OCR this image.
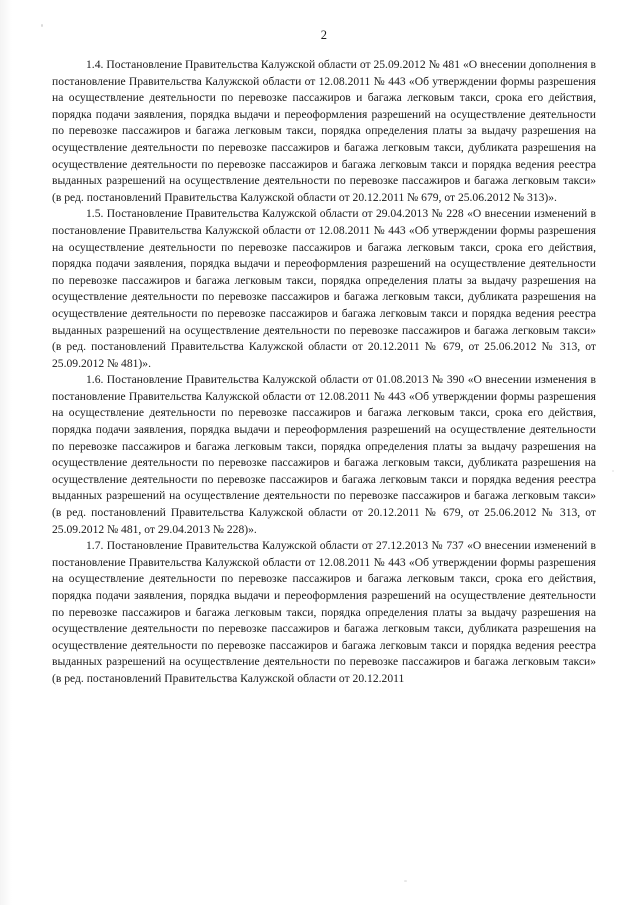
2

1.4. Постановление Правительства Калужской области от 25.09.2012 № 481 «О внесении дополнения в постановление Правительства Калужской области от 12.08.2011 № 443 «Об утверждении формы разрешения на осуществление деятельности по перевозке пассажиров и багажа легковым такси, срока его действия, порядка подачи заявления, порядка выдачи и переоформления разрешений на осуществление деятельности по перевозке пассажиров и багажа легковым такси, порядка определения платы за выдачу разрешения на осуществление деятельности по перевозке пассажиров и багажа легковым такси, дубликата разрешения на осуществление деятельности по перевозке пассажиров и багажа легковым такси и порядка ведения реестра выданных разрешений на осуществление деятельности по перевозке пассажиров и багажа легковым такси» (в ред. постановлений Правительства Калужской области от 20.12.2011 № 679, от 25.06.2012 № 313)».

1.5. Постановление Правительства Калужской области от 29.04.2013 № 228 «О внесении изменений в постановление Правительства Калужской области от 12.08.2011 № 443 «Об утверждении формы разрешения на осуществление деятельности по перевозке пассажиров и багажа легковым такси, срока его действия, порядка подачи заявления, порядка выдачи и переоформления разрешений на осуществление деятельности по перевозке пассажиров и багажа легковым такси, порядка определения платы за выдачу разрешения на осуществление деятельности по перевозке пассажиров и багажа легковым такси, дубликата разрешения на осуществление деятельности по перевозке пассажиров и багажа легковым такси и порядка ведения реестра выданных разрешений на осуществление деятельности по перевозке пассажиров и багажа легковым такси» (в ред. постановлений Правительства Калужской области от 20.12.2011 № 679, от 25.06.2012 № 313, от 25.09.2012 № 481)».

1.6. Постановление Правительства Калужской области от 01.08.2013 № 390 «О внесении изменения в постановление Правительства Калужской области от 12.08.2011 № 443 «Об утверждении формы разрешения на осуществление деятельности по перевозке пассажиров и багажа легковым такси, срока его действия, порядка подачи заявления, порядка выдачи и переоформления разрешений на осуществление деятельности по перевозке пассажиров и багажа легковым такси, порядка определения платы за выдачу разрешения на осуществление деятельности по перевозке пассажиров и багажа легковым такси, дубликата разрешения на осуществление деятельности по перевозке пассажиров и багажа легковым такси и порядка ведения реестра выданных разрешений на осуществление деятельности по перевозке пассажиров и багажа легковым такси» (в ред. постановлений Правительства Калужской области от 20.12.2011 № 679, от 25.06.2012 № 313, от 25.09.2012 № 481, от 29.04.2013 № 228)».

1.7. Постановление Правительства Калужской области от 27.12.2013 № 737 «О внесении изменений в постановление Правительства Калужской области от 12.08.2011 № 443 «Об утверждении формы разрешения на осуществление деятельности по перевозке пассажиров и багажа легковым такси, срока его действия, порядка подачи заявления, порядка выдачи и переоформления разрешений на осуществление деятельности по перевозке пассажиров и багажа легковым такси, порядка определения платы за выдачу разрешения на осуществление деятельности по перевозке пассажиров и багажа легковым такси, дубликата разрешения на осуществление деятельности по перевозке пассажиров и багажа легковым такси и порядка ведения реестра выданных разрешений на осуществление деятельности по перевозке пассажиров и багажа легковым такси» (в ред. постановлений Правительства Калужской области от 20.12.2011
